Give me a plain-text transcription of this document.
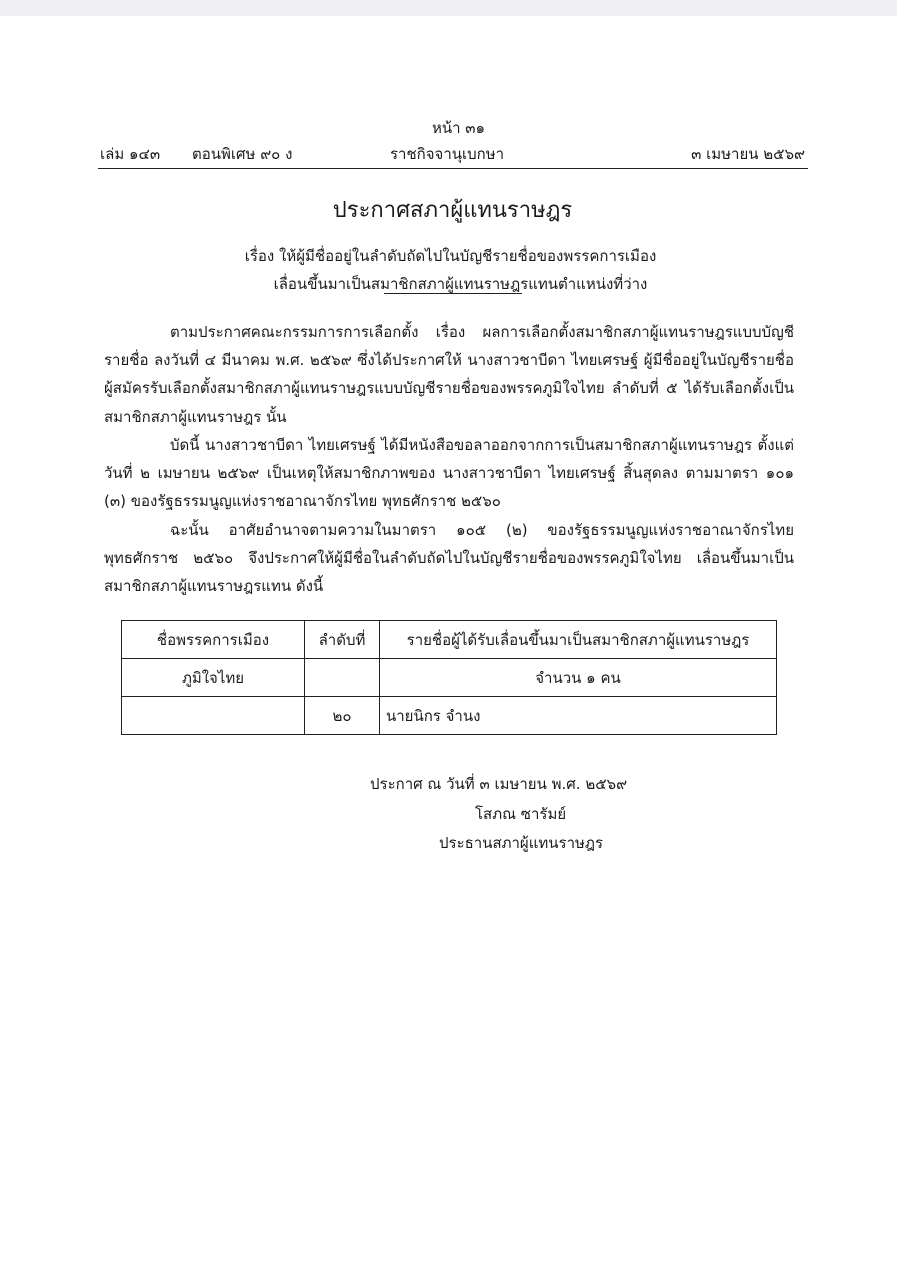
หน้า ๓๑
เล่ม ๑๔๓ ตอนพิเศษ ๙๐ ง	ราชกิจจานุเบกษา	๓ เมษายน ๒๕๖๙
ประกาศสภาผู้แทนราษฎร
เรื่อง ให้ผู้มีชื่ออยู่ในลำดับถัดไปในบัญชีรายชื่อของพรรคการเมือง
เลื่อนขึ้นมาเป็นสมาชิกสภาผู้แทนราษฎรแทนตำแหน่งที่ว่าง

ตามประกาศคณะกรรมการการเลือกตั้ง เรื่อง ผลการเลือกตั้งสมาชิกสภาผู้แทนราษฎรแบบบัญชีรายชื่อ ลงวันที่ ๔ มีนาคม พ.ศ. ๒๕๖๙ ซึ่งได้ประกาศให้ นางสาวชาบีดา ไทยเศรษฐ์ ผู้มีชื่ออยู่ในบัญชีรายชื่อผู้สมัครรับเลือกตั้งสมาชิกสภาผู้แทนราษฎรแบบบัญชีรายชื่อของพรรคภูมิใจไทย ลำดับที่ ๕ ได้รับเลือกตั้งเป็นสมาชิกสภาผู้แทนราษฎร นั้น

บัดนี้ นางสาวชาบีดา ไทยเศรษฐ์ ได้มีหนังสือขอลาออกจากการเป็นสมาชิกสภาผู้แทนราษฎร ตั้งแต่วันที่ ๒ เมษายน ๒๕๖๙ เป็นเหตุให้สมาชิกภาพของ นางสาวชาบีดา ไทยเศรษฐ์ สิ้นสุดลง ตามมาตรา ๑๐๑ (๓) ของรัฐธรรมนูญแห่งราชอาณาจักรไทย พุทธศักราช ๒๕๖๐

ฉะนั้น อาศัยอำนาจตามความในมาตรา ๑๐๕ (๒) ของรัฐธรรมนูญแห่งราชอาณาจักรไทย พุทธศักราช ๒๕๖๐ จึงประกาศให้ผู้มีชื่อในลำดับถัดไปในบัญชีรายชื่อของพรรคภูมิใจไทย เลื่อนขึ้นมาเป็นสมาชิกสภาผู้แทนราษฎรแทน ดังนี้

ชื่อพรรคการเมือง	ลำดับที่	รายชื่อผู้ได้รับเลื่อนขึ้นมาเป็นสมาชิกสภาผู้แทนราษฎร
ภูมิใจไทย		จำนวน ๑ คน
	๒๐	นายนิกร จำนง
ประกาศ ณ วันที่ ๓ เมษายน พ.ศ. ๒๕๖๙
โสภณ ซารัมย์
ประธานสภาผู้แทนราษฎร
